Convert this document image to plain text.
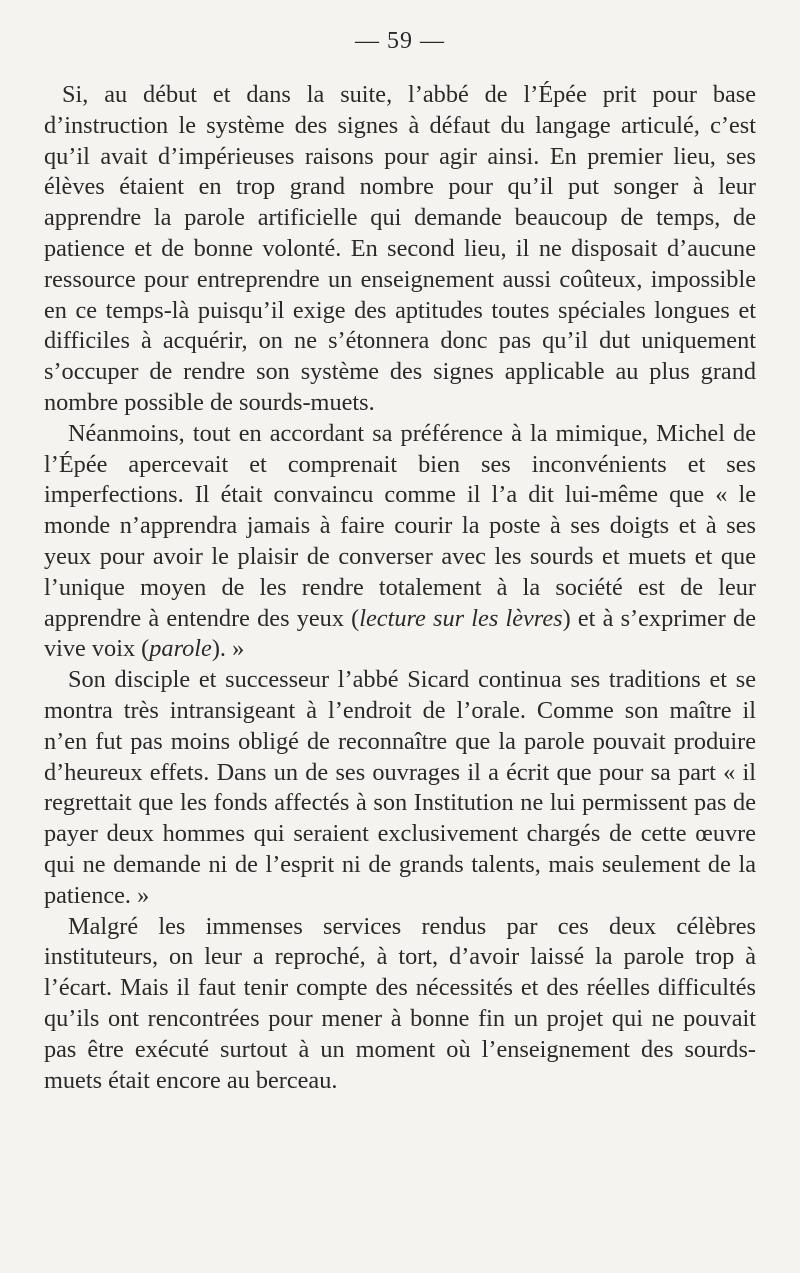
— 59 —

Si, au début et dans la suite, l’abbé de l’Épée prit pour base d’instruction le système des signes à défaut du langage articulé, c’est qu’il avait d’impérieuses raisons pour agir ainsi. En premier lieu, ses élèves étaient en trop grand nombre pour qu’il put songer à leur apprendre la parole artificielle qui demande beaucoup de temps, de patience et de bonne volonté. En second lieu, il ne disposait d’aucune ressource pour entreprendre un enseignement aussi coûteux, impossible en ce temps-là puisqu’il exige des aptitudes toutes spéciales longues et difficiles à acquérir, on ne s’étonnera donc pas qu’il dut uniquement s’occuper de rendre son système des signes applicable au plus grand nombre possible de sourds-muets.

Néanmoins, tout en accordant sa préférence à la mimique, Michel de l’Épée apercevait et comprenait bien ses inconvénients et ses imperfections. Il était convaincu comme il l’a dit lui-même que « le monde n’apprendra jamais à faire courir la poste à ses doigts et à ses yeux pour avoir le plaisir de converser avec les sourds et muets et que l’unique moyen de les rendre totalement à la société est de leur apprendre à entendre des yeux (lecture sur les lèvres) et à s’exprimer de vive voix (parole). »

Son disciple et successeur l’abbé Sicard continua ses traditions et se montra très intransigeant à l’endroit de l’orale. Comme son maître il n’en fut pas moins obligé de reconnaître que la parole pouvait produire d’heureux effets. Dans un de ses ouvrages il a écrit que pour sa part « il regrettait que les fonds affectés à son Institution ne lui permissent pas de payer deux hommes qui seraient exclusivement chargés de cette œuvre qui ne demande ni de l’esprit ni de grands talents, mais seulement de la patience. »

Malgré les immenses services rendus par ces deux célèbres instituteurs, on leur a reproché, à tort, d’avoir laissé la parole trop à l’écart. Mais il faut tenir compte des nécessités et des réelles difficultés qu’ils ont rencontrées pour mener à bonne fin un projet qui ne pouvait pas être exécuté surtout à un moment où l’enseignement des sourds-muets était encore au berceau.
